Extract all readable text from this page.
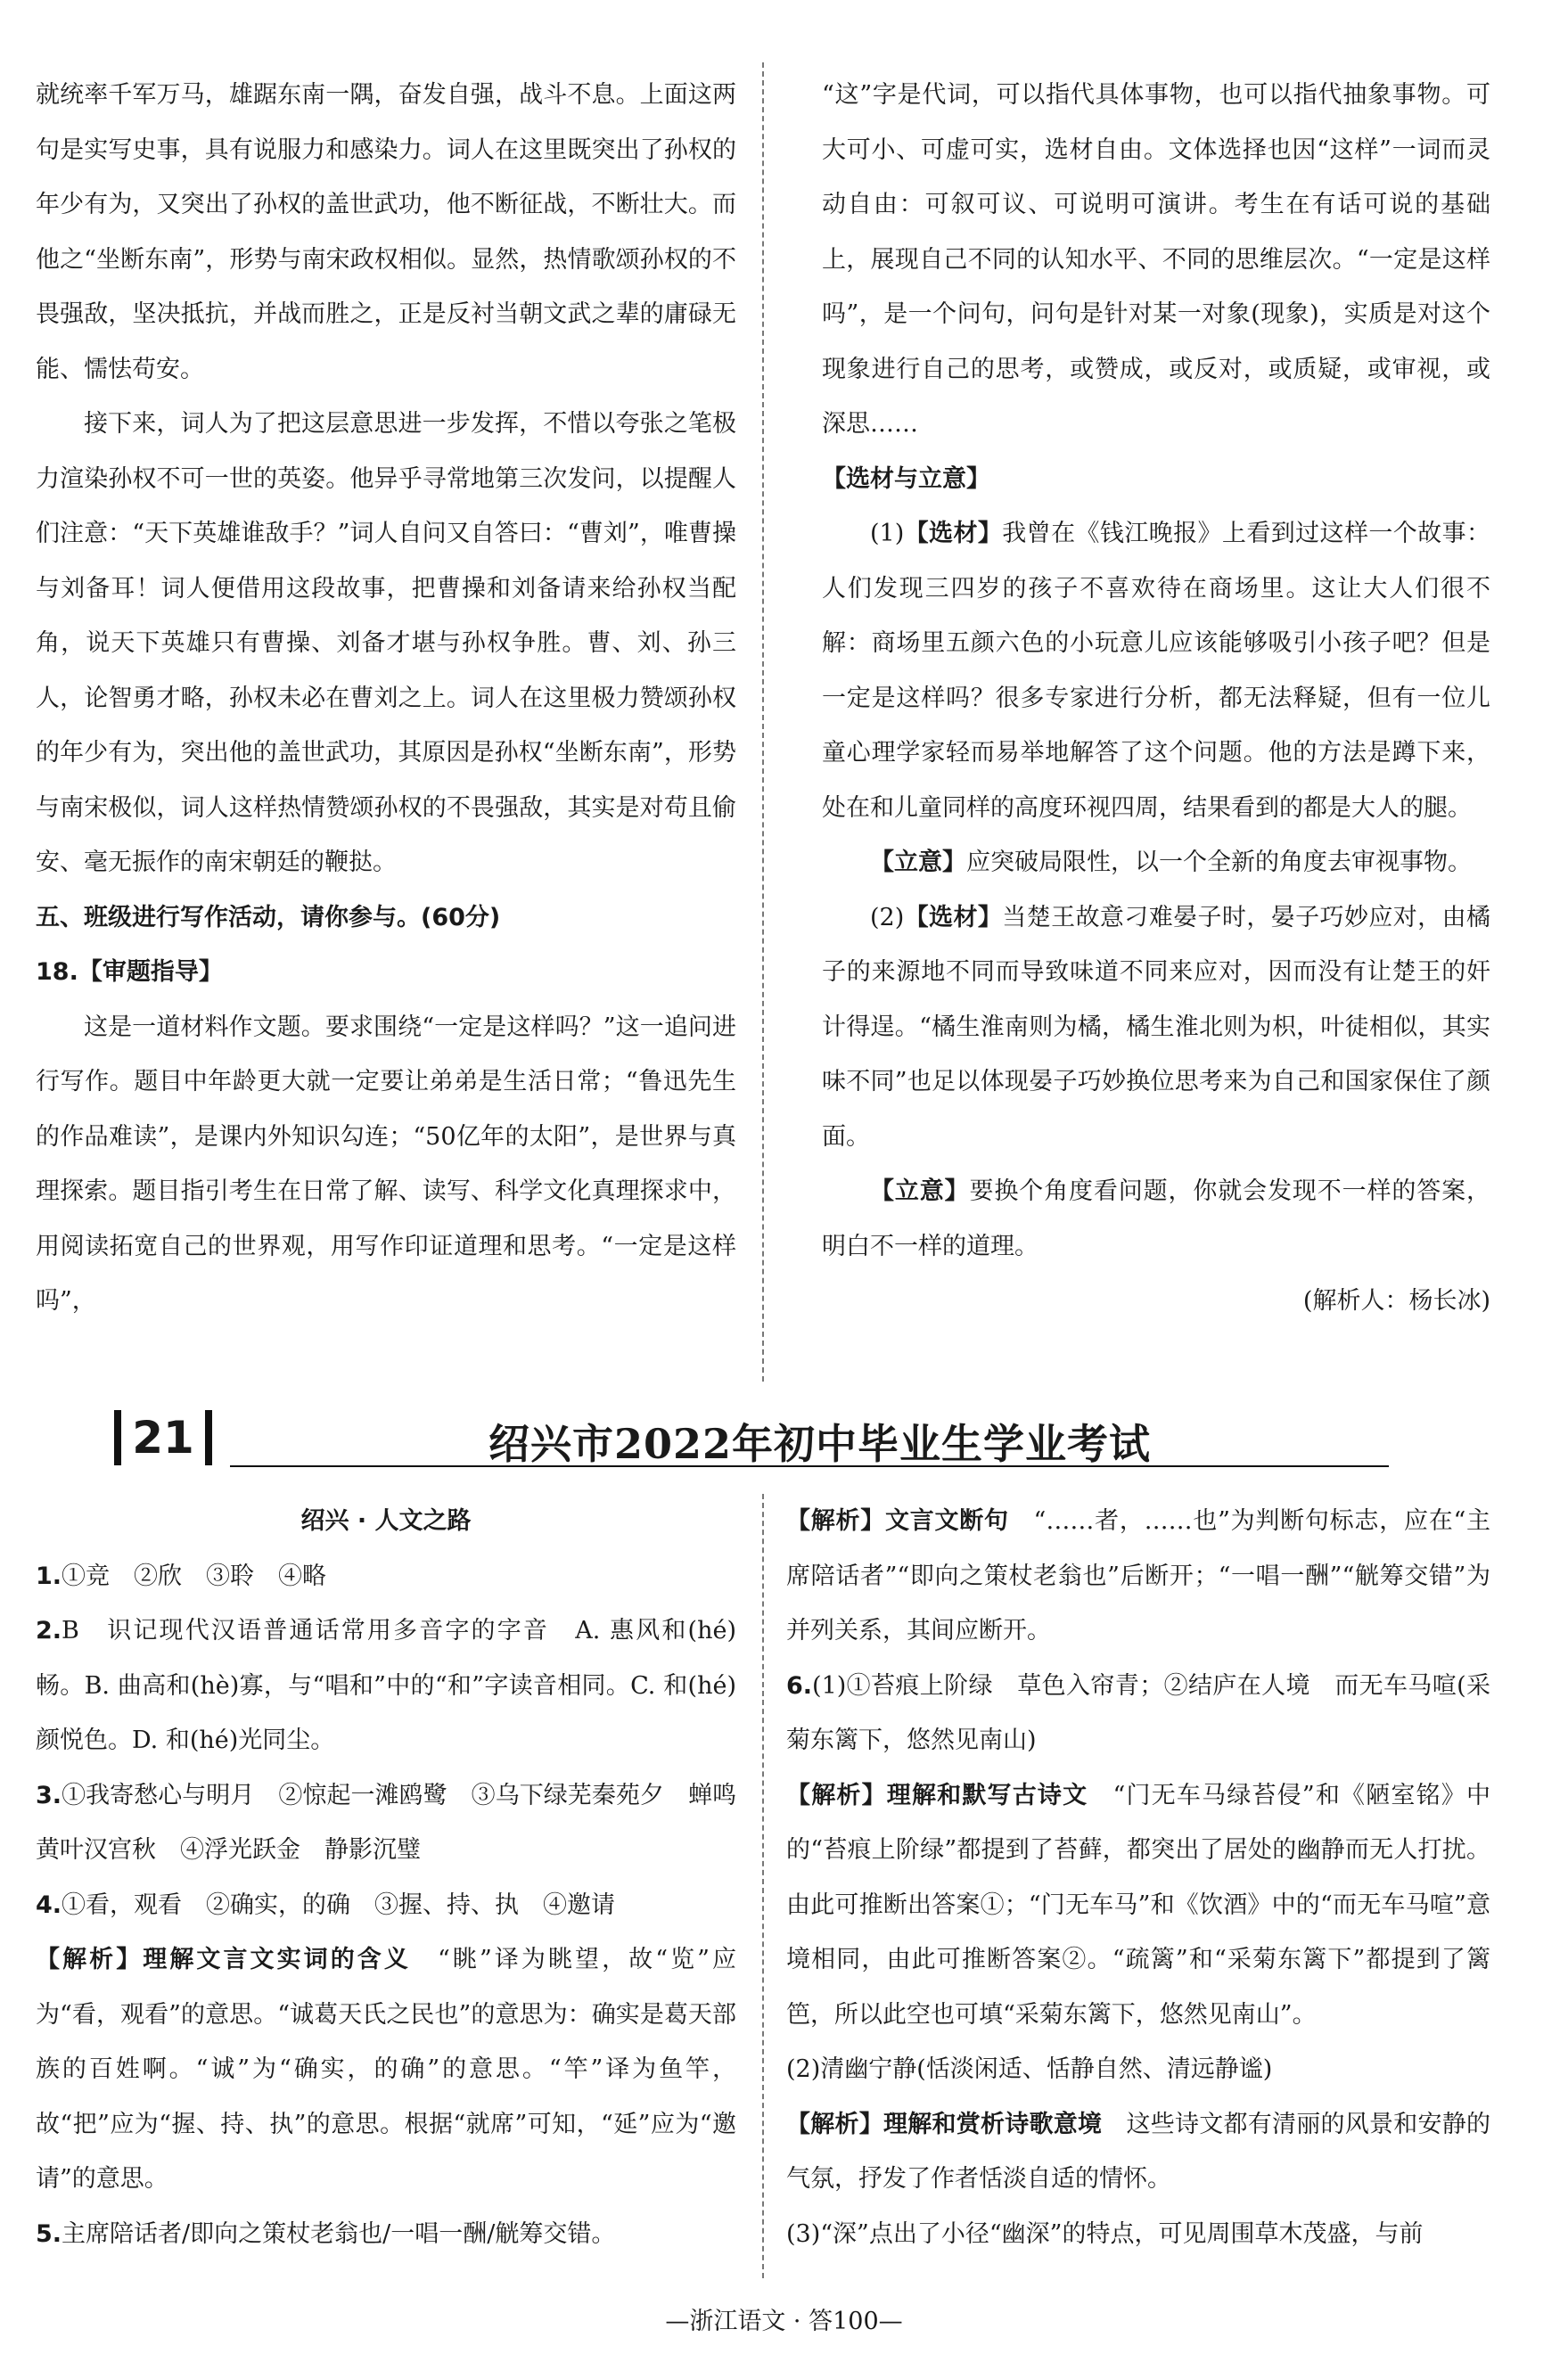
就统率千军万马，雄踞东南一隅，奋发自强，战斗不息。上面这两句是实写史事，具有说服力和感染力。词人在这里既突出了孙权的年少有为，又突出了孙权的盖世武功，他不断征战，不断壮大。而他之“坐断东南”，形势与南宋政权相似。显然，热情歌颂孙权的不畏强敌，坚决抵抗，并战而胜之，正是反衬当朝文武之辈的庸碌无能、懦怯苟安。

接下来，词人为了把这层意思进一步发挥，不惜以夸张之笔极力渲染孙权不可一世的英姿。他异乎寻常地第三次发问，以提醒人们注意：“天下英雄谁敌手？”词人自问又自答曰：“曹刘”，唯曹操与刘备耳！词人便借用这段故事，把曹操和刘备请来给孙权当配角，说天下英雄只有曹操、刘备才堪与孙权争胜。曹、刘、孙三人，论智勇才略，孙权未必在曹刘之上。词人在这里极力赞颂孙权的年少有为，突出他的盖世武功，其原因是孙权“坐断东南”，形势与南宋极似，词人这样热情赞颂孙权的不畏强敌，其实是对苟且偷安、毫无振作的南宋朝廷的鞭挞。

五、班级进行写作活动，请你参与。(60分)

18.【审题指导】

这是一道材料作文题。要求围绕“一定是这样吗？”这一追问进行写作。题目中年龄更大就一定要让弟弟是生活日常；“鲁迅先生的作品难读”，是课内外知识勾连；“50亿年的太阳”，是世界与真理探索。题目指引考生在日常了解、读写、科学文化真理探求中，用阅读拓宽自己的世界观，用写作印证道理和思考。“一定是这样吗”，

“这”字是代词，可以指代具体事物，也可以指代抽象事物。可大可小、可虚可实，选材自由。文体选择也因“这样”一词而灵动自由：可叙可议、可说明可演讲。考生在有话可说的基础上，展现自己不同的认知水平、不同的思维层次。“一定是这样吗”，是一个问句，问句是针对某一对象(现象)，实质是对这个现象进行自己的思考，或赞成，或反对，或质疑，或审视，或深思……

【选材与立意】

(1)【选材】我曾在《钱江晚报》上看到过这样一个故事：人们发现三四岁的孩子不喜欢待在商场里。这让大人们很不解：商场里五颜六色的小玩意儿应该能够吸引小孩子吧？但是一定是这样吗？很多专家进行分析，都无法释疑，但有一位儿童心理学家轻而易举地解答了这个问题。他的方法是蹲下来，处在和儿童同样的高度环视四周，结果看到的都是大人的腿。

【立意】应突破局限性，以一个全新的角度去审视事物。

(2)【选材】当楚王故意刁难晏子时，晏子巧妙应对，由橘子的来源地不同而导致味道不同来应对，因而没有让楚王的奸计得逞。“橘生淮南则为橘，橘生淮北则为枳，叶徒相似，其实味不同”也足以体现晏子巧妙换位思考来为自己和国家保住了颜面。

【立意】要换个角度看问题，你就会发现不一样的答案，明白不一样的道理。

(解析人：杨长冰)

21	绍兴市2022年初中毕业生学业考试

绍兴 · 人文之路

1.①竞　②欣　③聆　④略

2.B　识记现代汉语普通话常用多音字的字音　A. 惠风和(hé)畅。B. 曲高和(hè)寡，与“唱和”中的“和”字读音相同。C. 和(hé)颜悦色。D. 和(hé)光同尘。

3.①我寄愁心与明月　②惊起一滩鸥鹭　③乌下绿芜秦苑夕　蝉鸣黄叶汉宫秋　④浮光跃金　静影沉璧

4.①看，观看　②确实，的确　③握、持、执　④邀请

【解析】理解文言文实词的含义　 “眺”译为眺望，故“览”应为“看，观看”的意思。“诚葛天氏之民也”的意思为：确实是葛天部族的百姓啊。“诚”为“确实，的确”的意思。“竿”译为鱼竿，故“把”应为“握、持、执”的意思。根据“就席”可知，“延”应为“邀请”的意思。

5.主席陪话者/即向之策杖老翁也/一唱一酬/觥筹交错。

【解析】文言文断句　 “……者，……也”为判断句标志，应在“主席陪话者”“即向之策杖老翁也”后断开；“一唱一酬”“觥筹交错”为并列关系，其间应断开。

6.(1)①苔痕上阶绿　草色入帘青；②结庐在人境　而无车马喧(采菊东篱下，悠然见南山)

【解析】理解和默写古诗文　 “门无车马绿苔侵”和《陋室铭》中的“苔痕上阶绿”都提到了苔藓，都突出了居处的幽静而无人打扰。由此可推断出答案①；“门无车马”和《饮酒》中的“而无车马喧”意境相同，由此可推断答案②。“疏篱”和“采菊东篱下”都提到了篱笆，所以此空也可填“采菊东篱下，悠然见南山”。

(2)清幽宁静(恬淡闲适、恬静自然、清远静谧)

【解析】理解和赏析诗歌意境　 这些诗文都有清丽的风景和安静的气氛，抒发了作者恬淡自适的情怀。

(3)“深”点出了小径“幽深”的特点，可见周围草木茂盛，与前

—浙江语文 · 答100—
